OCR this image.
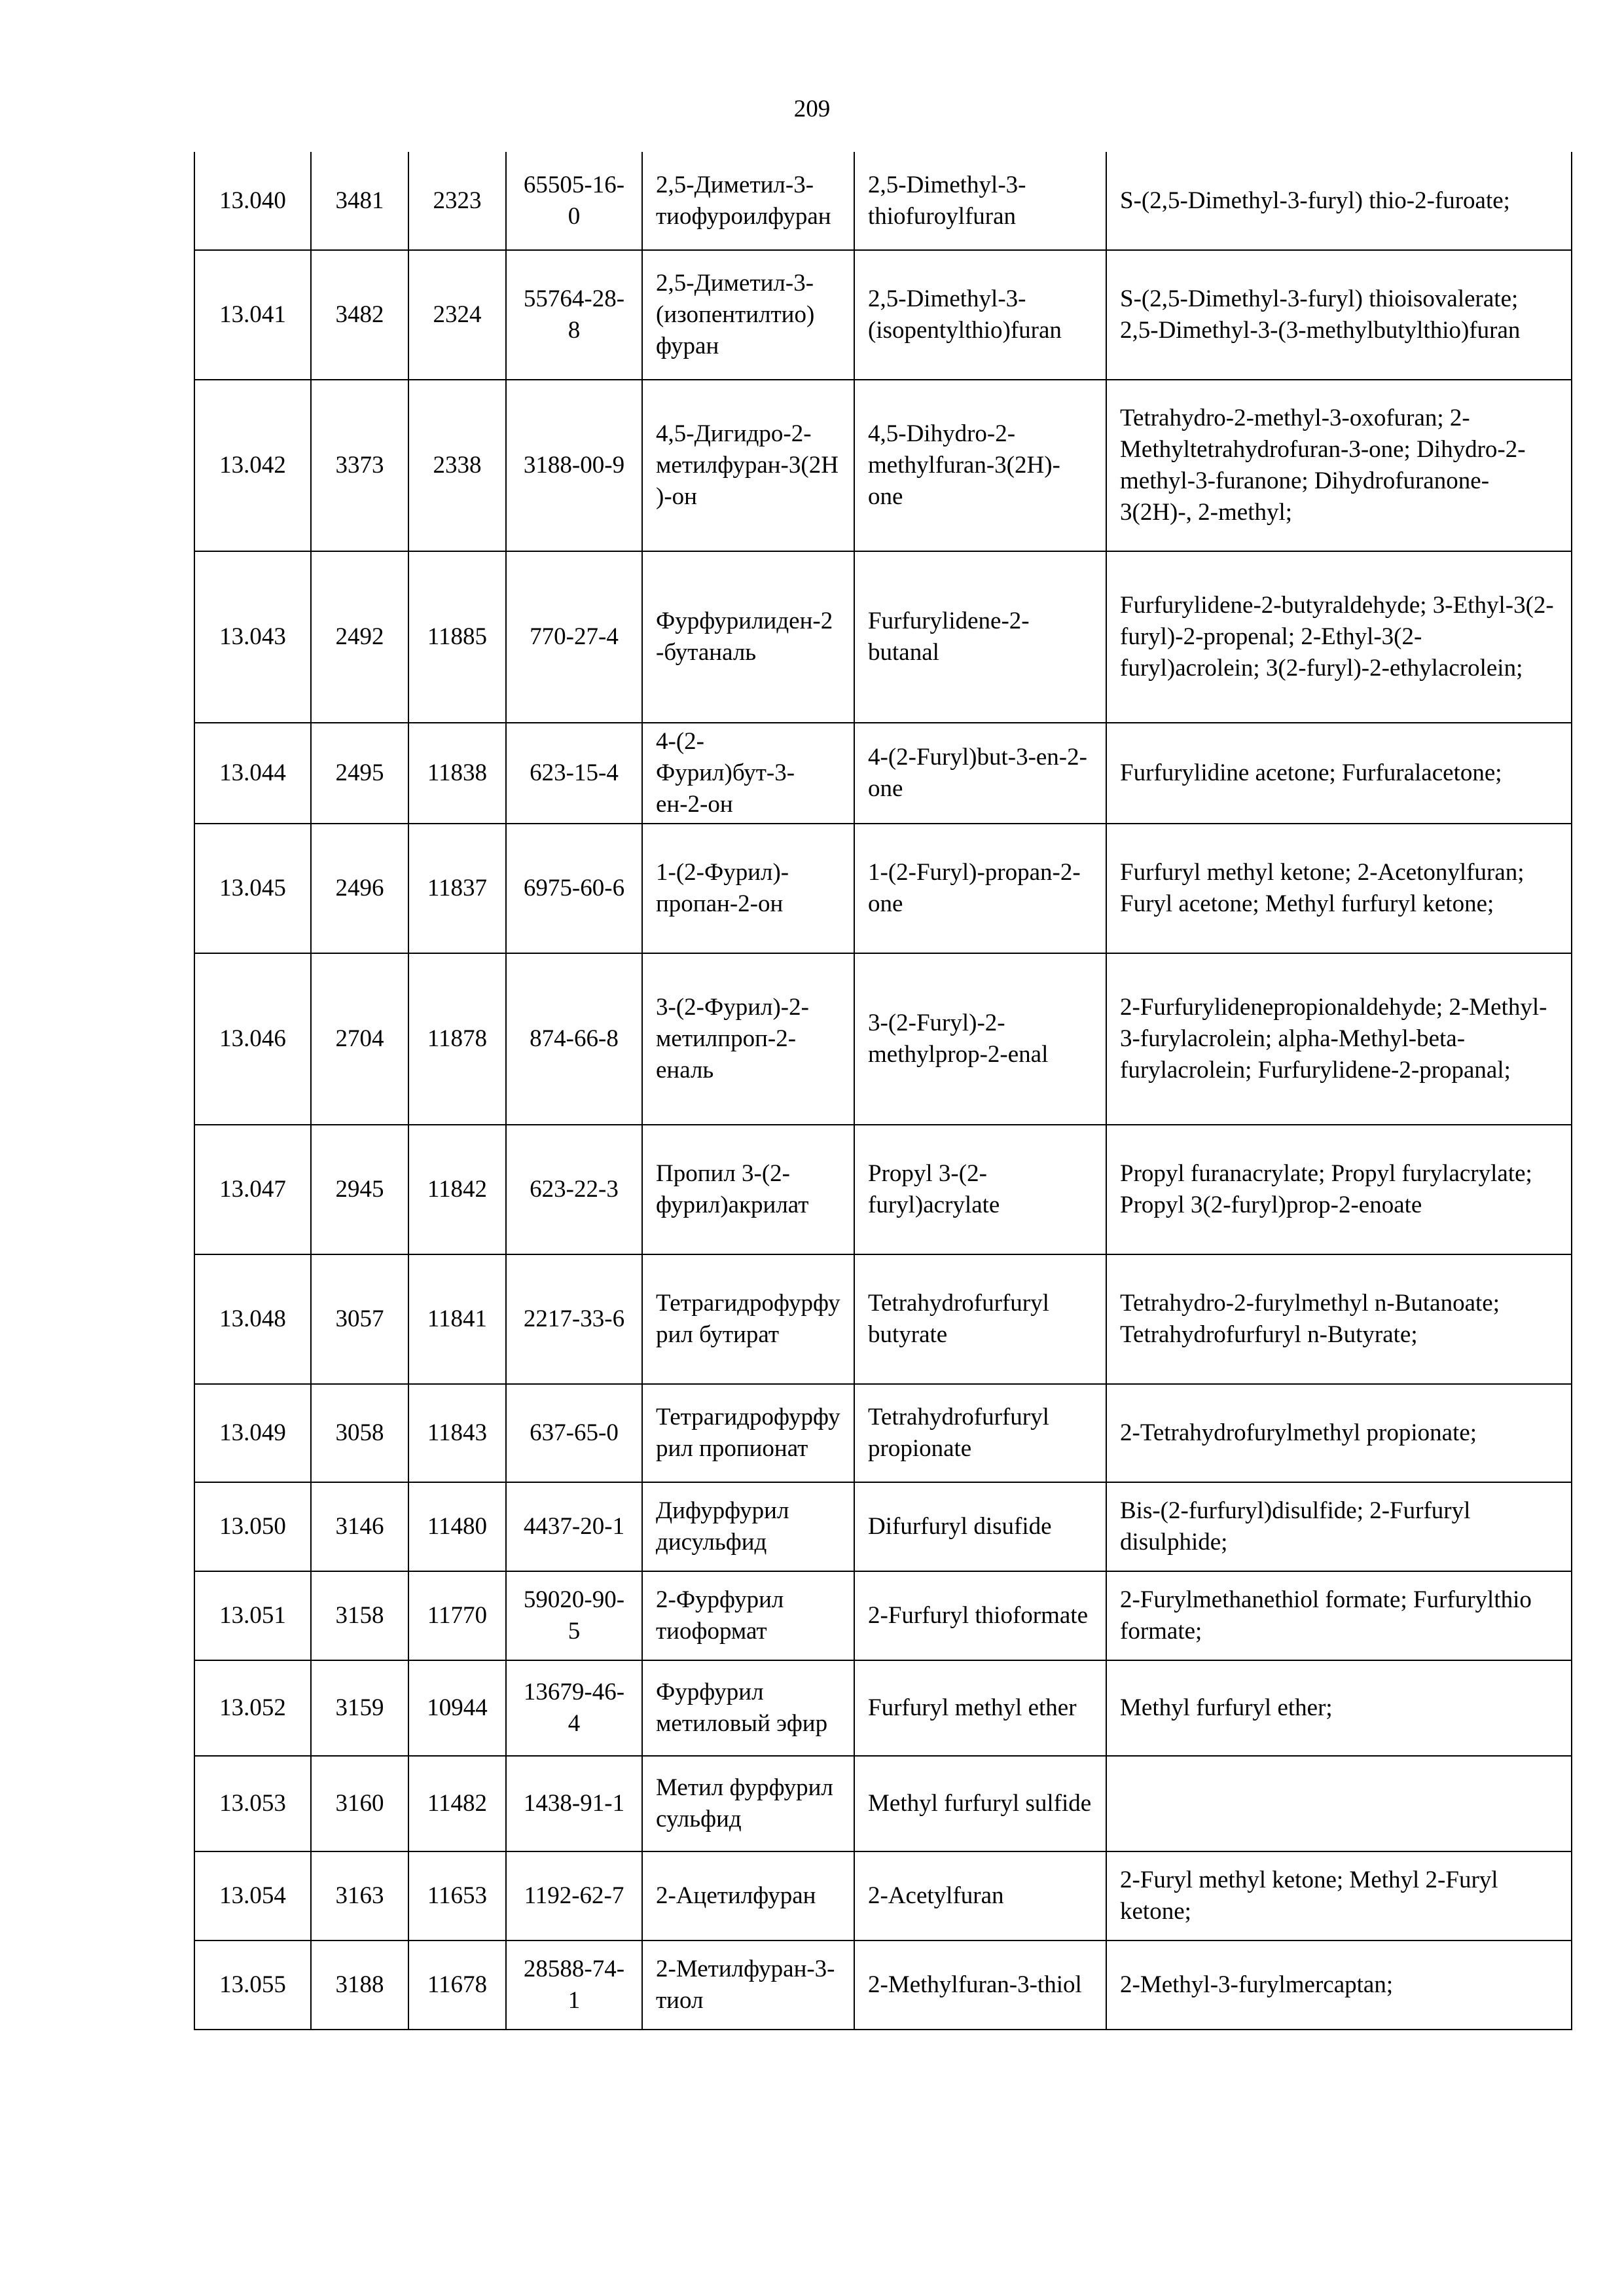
209
13.040	3481	2323	65505-16-0	2,5-Диметил-3-тиофуроилфуран	2,5-Dimethyl-3-thiofuroylfuran	S-(2,5-Dimethyl-3-furyl) thio-2-furoate;
13.041	3482	2324	55764-28-8	2,5-Диметил-3-(изопентилтио) фуран	2,5-Dimethyl-3-(isopentylthio)furan	S-(2,5-Dimethyl-3-furyl) thioisovalerate; 2,5-Dimethyl-3-(3-methylbutylthio)furan
13.042	3373	2338	3188-00-9	4,5-Дигидро-2-метилфуран-3(2Н)-он	4,5-Dihydro-2-methylfuran-3(2H)-one	Tetrahydro-2-methyl-3-oxofuran; 2-Methyltetrahydrofuran-3-one; Dihydro-2-methyl-3-furanone; Dihydrofuranone-3(2H)-, 2-methyl;
13.043	2492	11885	770-27-4	Фурфурилиден-2-бутаналь	Furfurylidene-2-butanal	Furfurylidene-2-butyraldehyde; 3-Ethyl-3(2-furyl)-2-propenal; 2-Ethyl-3(2-furyl)acrolein; 3(2-furyl)-2-ethylacrolein;
13.044	2495	11838	623-15-4	4-(2-Фурил)бут-3-ен-2-он	4-(2-Furyl)but-3-en-2-one	Furfurylidine acetone; Furfuralacetone;
13.045	2496	11837	6975-60-6	1-(2-Фурил)-пропан-2-он	1-(2-Furyl)-propan-2-one	Furfuryl methyl ketone; 2-Acetonylfuran; Furyl acetone; Methyl furfuryl ketone;
13.046	2704	11878	874-66-8	3-(2-Фурил)-2-метилпроп-2-еналь	3-(2-Furyl)-2-methylprop-2-enal	2-Furfurylidenepropionaldehyde; 2-Methyl-3-furylacrolein; alpha-Methyl-beta-furylacrolein; Furfurylidene-2-propanal;
13.047	2945	11842	623-22-3	Пропил 3-(2-фурил)акрилат	Propyl 3-(2-furyl)acrylate	Propyl furanacrylate; Propyl furylacrylate; Propyl 3(2-furyl)prop-2-enoate
13.048	3057	11841	2217-33-6	Тетрагидрофурфурил бутират	Tetrahydrofurfuryl butyrate	Tetrahydro-2-furylmethyl n-Butanoate; Tetrahydrofurfuryl n-Butyrate;
13.049	3058	11843	637-65-0	Тетрагидрофурфурил пропионат	Tetrahydrofurfuryl propionate	2-Tetrahydrofurylmethyl propionate;
13.050	3146	11480	4437-20-1	Дифурфурил дисульфид	Difurfuryl disufide	Bis-(2-furfuryl)disulfide; 2-Furfuryl disulphide;
13.051	3158	11770	59020-90-5	2-Фурфурил тиоформат	2-Furfuryl thioformate	2-Furylmethanethiol formate; Furfurylthio formate;
13.052	3159	10944	13679-46-4	Фурфурил метиловый эфир	Furfuryl methyl ether	Methyl furfuryl ether;
13.053	3160	11482	1438-91-1	Метил фурфурил сульфид	Methyl furfuryl sulfide	
13.054	3163	11653	1192-62-7	2-Ацетилфуран	2-Acetylfuran	2-Furyl methyl ketone; Methyl 2-Furyl ketone;
13.055	3188	11678	28588-74-1	2-Метилфуран-3-тиол	2-Methylfuran-3-thiol	2-Methyl-3-furylmercaptan;
